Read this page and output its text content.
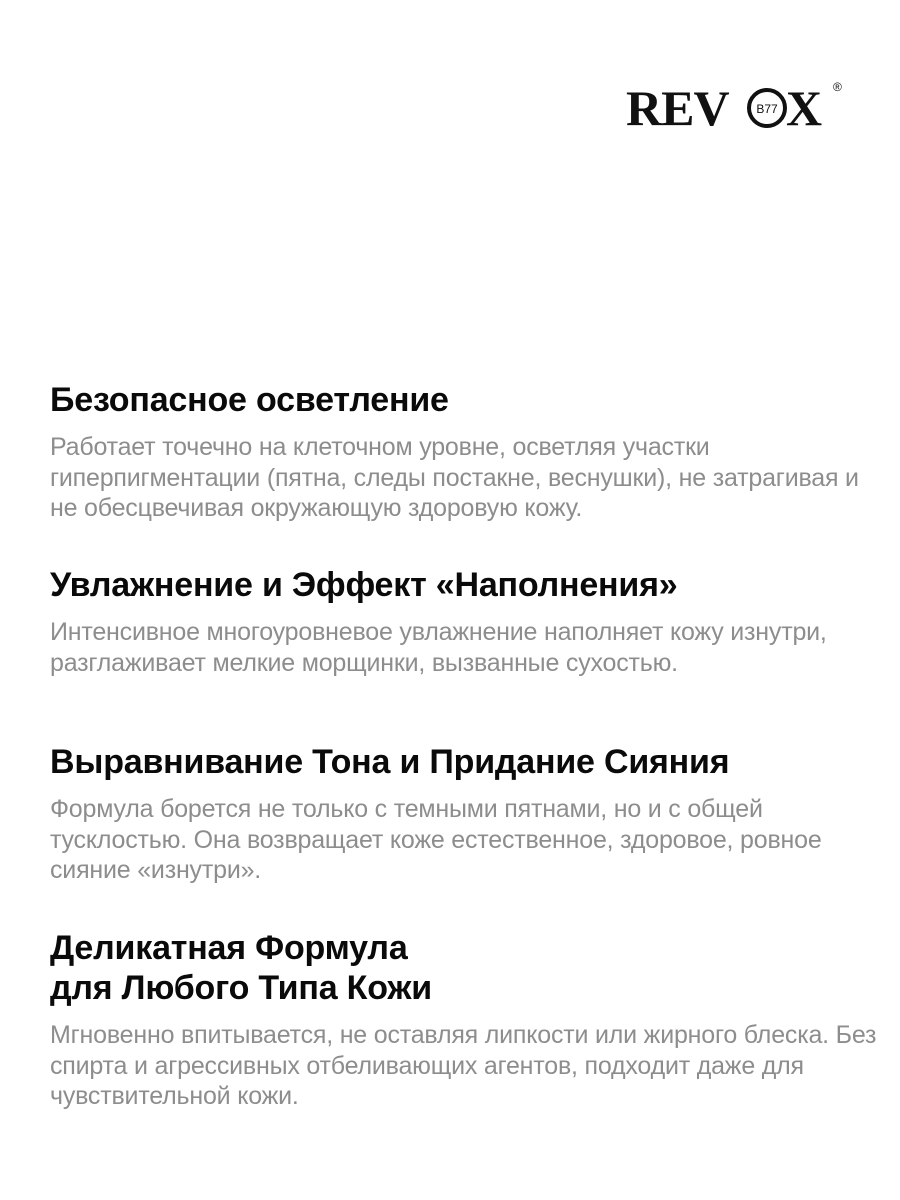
REV B77 X ®
Безопасное осветление

Работает точечно на клеточном уровне, осветляя участки гиперпигментации (пятна, следы постакне, веснушки), не затрагивая и не обесцвечивая окружающую здоровую кожу.

Увлажнение и Эффект «Наполнения»

Интенсивное многоуровневое увлажнение наполняет кожу изнутри, разглаживает мелкие морщинки, вызванные сухостью.

Выравнивание Тона и Придание Сияния

Формула борется не только с темными пятнами, но и с общей тусклостью. Она возвращает коже естественное, здоровое, ровное сияние «изнутри».

Деликатная Формула
для Любого Типа Кожи

Мгновенно впитывается, не оставляя липкости или жирного блеска. Без спирта и агрессивных отбеливающих агентов, подходит даже для чувствительной кожи.
